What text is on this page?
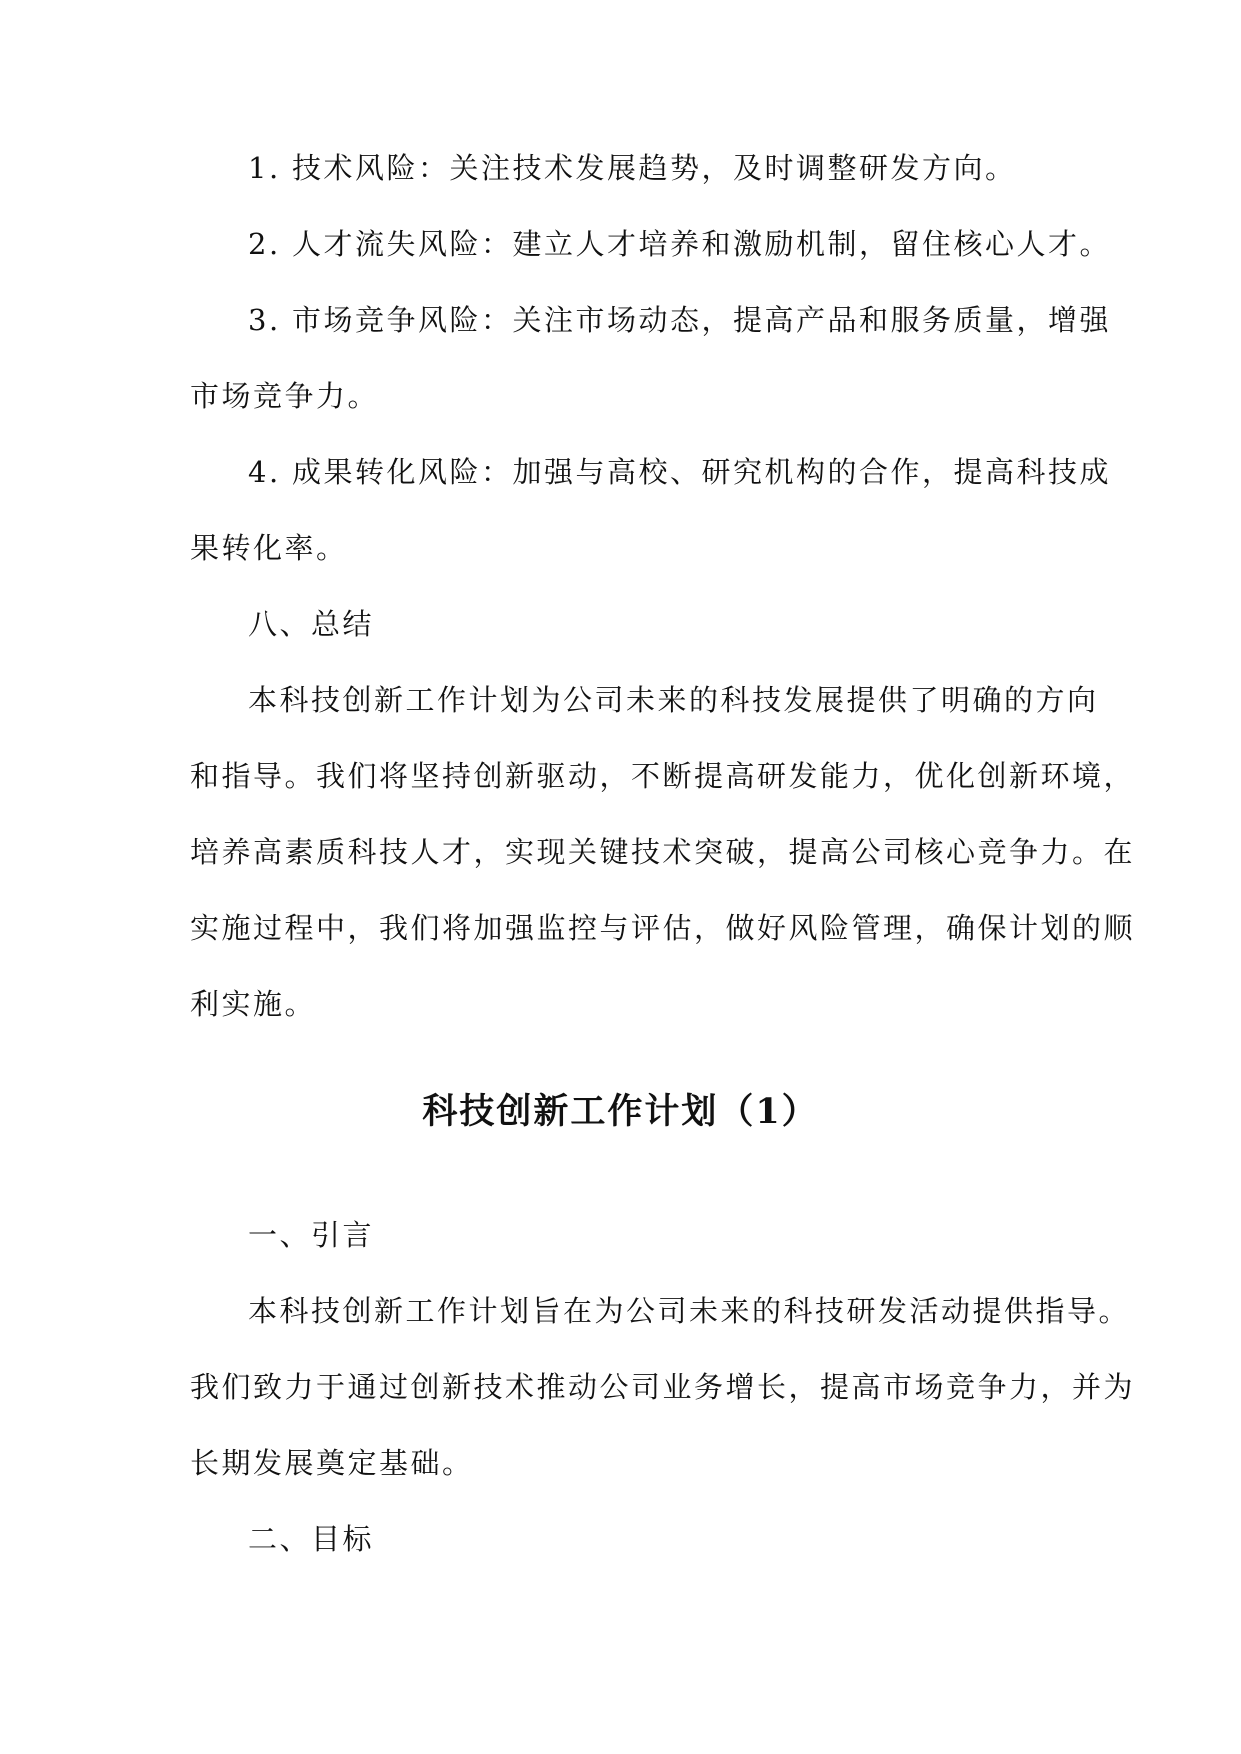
1. 技术风险：关注技术发展趋势，及时调整研发方向。

2. 人才流失风险：建立人才培养和激励机制，留住核心人才。

3. 市场竞争风险：关注市场动态，提高产品和服务质量，增强

市场竞争力。

4. 成果转化风险：加强与高校、研究机构的合作，提高科技成

果转化率。

八、总结

本科技创新工作计划为公司未来的科技发展提供了明确的方向

和指导。我们将坚持创新驱动，不断提高研发能力，优化创新环境，

培养高素质科技人才，实现关键技术突破，提高公司核心竞争力。在

实施过程中，我们将加强监控与评估，做好风险管理，确保计划的顺

利实施。

科技创新工作计划（1）

一、引言

本科技创新工作计划旨在为公司未来的科技研发活动提供指导。

我们致力于通过创新技术推动公司业务增长，提高市场竞争力，并为

长期发展奠定基础。

二、目标
